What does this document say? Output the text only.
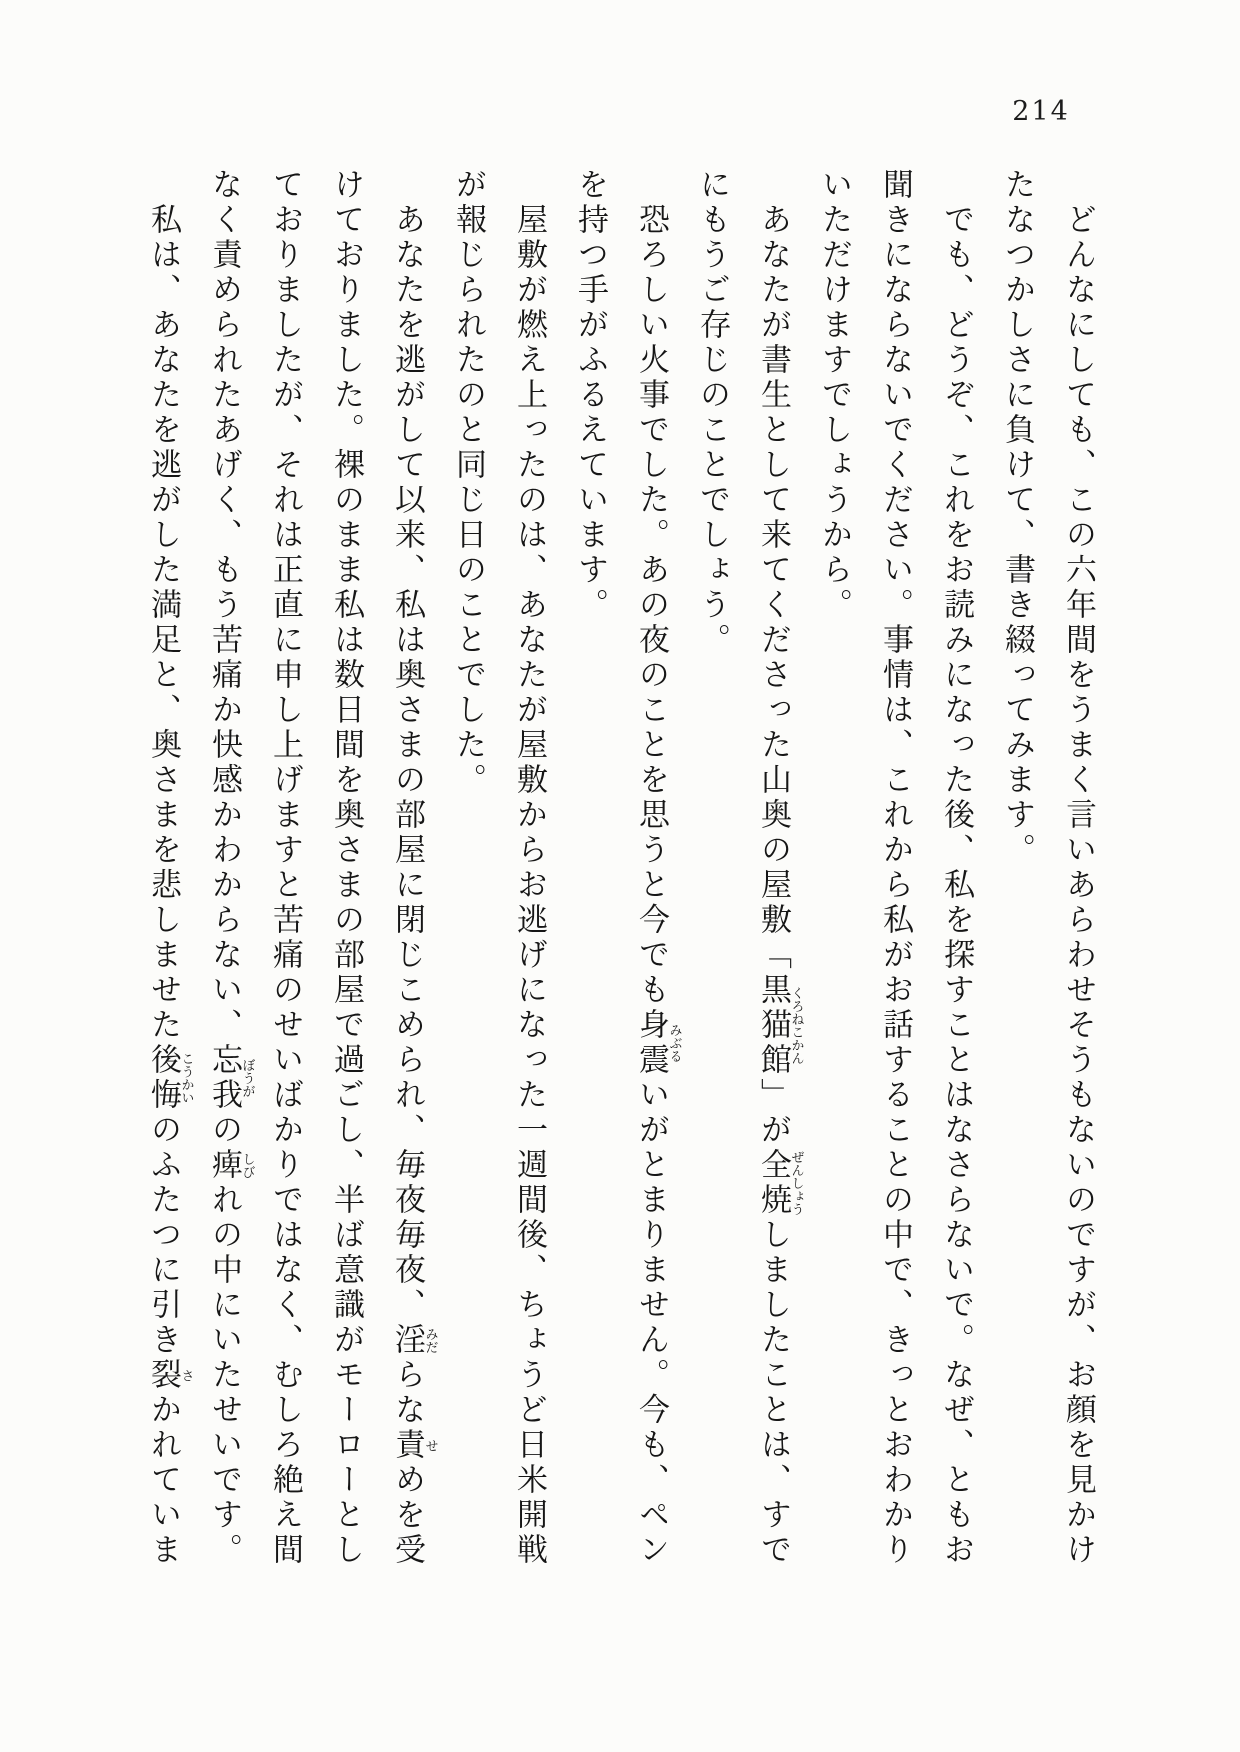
214

どんなにしても、この六年間をうまく言いあらわせそうもないのですが、お顔を見かけたなつかしさに負けて、書き綴ってみます。

でも、どうぞ、これをお読みになった後、私を探すことはなさらないで。なぜ、ともお聞きにならないでください。事情は、これから私がお話することの中で、きっとおわかりいただけますでしょうから。

あなたが書生として来てくださった山奥の屋敷「黒猫館くろねこかん」が全焼ぜんしょうしましたことは、すでにもうご存じのことでしょう。

恐ろしい火事でした。あの夜のことを思うと今でも身震みぶるいがとまりません。今も、ペンを持つ手がふるえています。

屋敷が燃え上ったのは、あなたが屋敷からお逃げになった一週間後、ちょうど日米開戦が報じられたのと同じ日のことでした。

あなたを逃がして以来、私は奥さまの部屋に閉じこめられ、毎夜毎夜、淫みだらな責せめを受けておりました。裸のまま私は数日間を奥さまの部屋で過ごし、半ば意識がモーローとしておりましたが、それは正直に申し上げますと苦痛のせいばかりではなく、むしろ絶え間なく責められたあげく、もう苦痛か快感かわからない、忘我ぼうがの痺しびれの中にいたせいです。

私は、あなたを逃がした満足と、奥さまを悲しませた後悔こうかいのふたつに引き裂さかれていま
